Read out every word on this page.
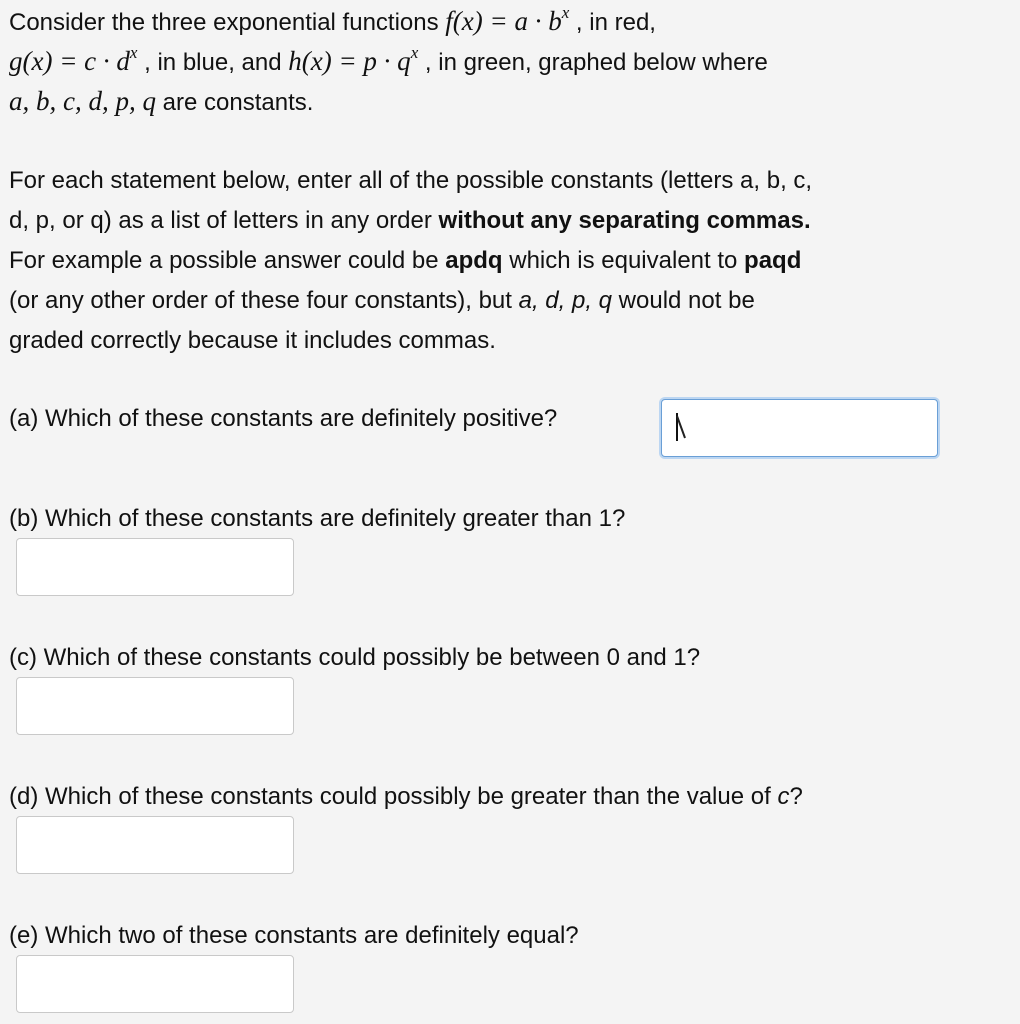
Consider the three exponential functions $f(x) = a \cdot b^x$ , in red,
$g(x) = c \cdot d^x$ , in blue, and $h(x) = p \cdot q^x$ , in green, graphed below where
a, b, c, d, p, q are constants.
For each statement below, enter all of the possible constants (letters a, b, c,
d, p, or q) as a list of letters in any order without any separating commas.
For example a possible answer could be apdq which is equivalent to paqd
(or any other order of these four constants), but a, d, p, q would not be
graded correctly because it includes commas.
(a) Which of these constants are definitely positive?
(b) Which of these constants are definitely greater than 1?
(c) Which of these constants could possibly be between 0 and 1?
(d) Which of these constants could possibly be greater than the value of c?
(e) Which two of these constants are definitely equal?
